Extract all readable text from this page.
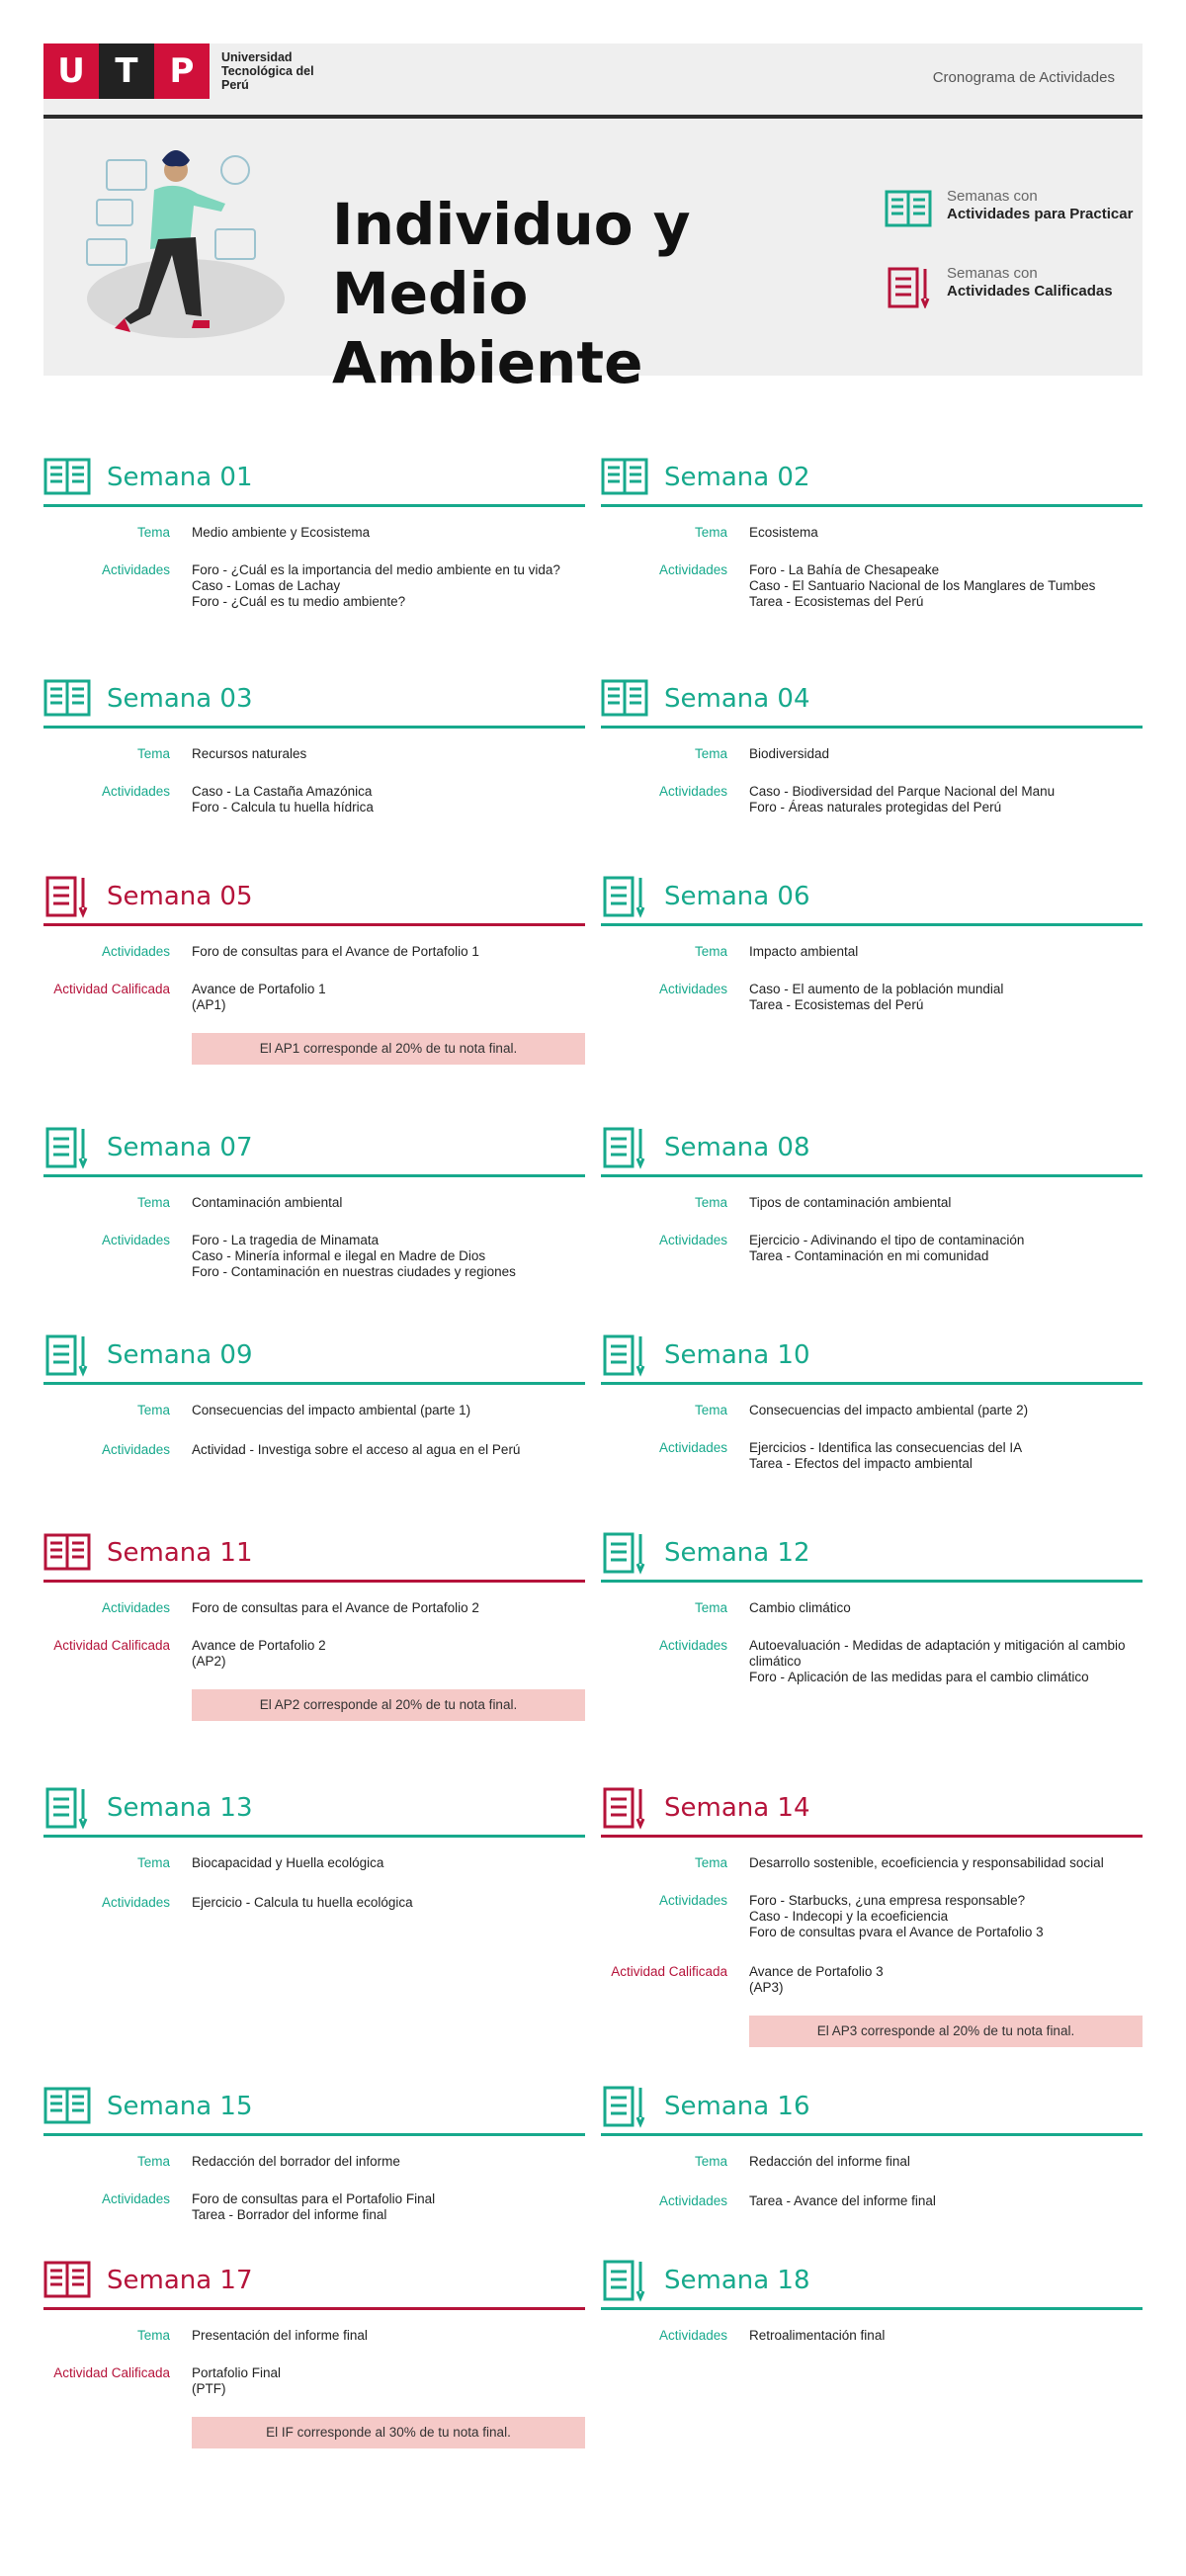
U T P	Universidad Tecnológica del Perú	Cronograma de Actividades
Individuo y
Medio Ambiente
Semanas con
Actividades para Practicar
Semanas con
Actividades Calificadas
Semana 01
Tema	Medio ambiente y Ecosistema
Actividades	Foro - ¿Cuál es la importancia del medio ambiente en tu vida?
Caso - Lomas de Lachay
Foro - ¿Cuál es tu medio ambiente?
Semana 02
Tema	Ecosistema
Actividades	Foro - La Bahía de Chesapeake
Caso - El Santuario Nacional de los Manglares de Tumbes
Tarea - Ecosistemas del Perú
Semana 03
Tema	Recursos naturales
Actividades	Caso - La Castaña Amazónica
Foro - Calcula tu huella hídrica
Semana 04
Tema	Biodiversidad
Actividades	Caso - Biodiversidad del Parque Nacional del Manu
Foro - Áreas naturales protegidas del Perú
Semana 05
Actividades	Foro de consultas para el Avance de Portafolio 1
Actividad Calificada	Avance de Portafolio 1
(AP1)
El AP1 corresponde al 20% de tu nota final.
Semana 06
Tema	Impacto ambiental
Actividades	Caso - El aumento de la población mundial
Tarea - Ecosistemas del Perú
Semana 07
Tema	Contaminación ambiental
Actividades	Foro - La tragedia de Minamata
Caso - Minería informal e ilegal en Madre de Dios
Foro - Contaminación en nuestras ciudades y regiones
Semana 08
Tema	Tipos de contaminación ambiental
Actividades	Ejercicio - Adivinando el tipo de contaminación
Tarea - Contaminación en mi comunidad
Semana 09
Tema	Consecuencias del impacto ambiental (parte 1)
Actividades	Actividad - Investiga sobre el acceso al agua en el Perú
Semana 10
Tema	Consecuencias del impacto ambiental (parte 2)
Actividades	Ejercicios - Identifica las consecuencias del IA
Tarea - Efectos del impacto ambiental
Semana 11
Actividades	Foro de consultas para el Avance de Portafolio 2
Actividad Calificada	Avance de Portafolio 2
(AP2)
El AP2 corresponde al 20% de tu nota final.
Semana 12
Tema	Cambio climático
Actividades	Autoevaluación - Medidas de adaptación y mitigación al cambio climático
Foro - Aplicación de las medidas para el cambio climático
Semana 13
Tema	Biocapacidad y Huella ecológica
Actividades	Ejercicio - Calcula tu huella ecológica
Semana 14
Tema	Desarrollo sostenible, ecoeficiencia y responsabilidad social
Actividades	Foro - Starbucks, ¿una empresa responsable?
Caso - Indecopi y la ecoeficiencia
Foro de consultas pvara el Avance de Portafolio 3
Actividad Calificada	Avance de Portafolio 3
(AP3)
El AP3 corresponde al 20% de tu nota final.
Semana 15
Tema	Redacción del borrador del informe
Actividades	Foro de consultas para el Portafolio Final
Tarea - Borrador del informe final
Semana 16
Tema	Redacción del informe final
Actividades	Tarea - Avance del informe final
Semana 17
Tema	Presentación del informe final
Actividad Calificada	Portafolio Final
(PTF)
El IF corresponde al 30% de tu nota final.
Semana 18
Actividades	Retroalimentación final
